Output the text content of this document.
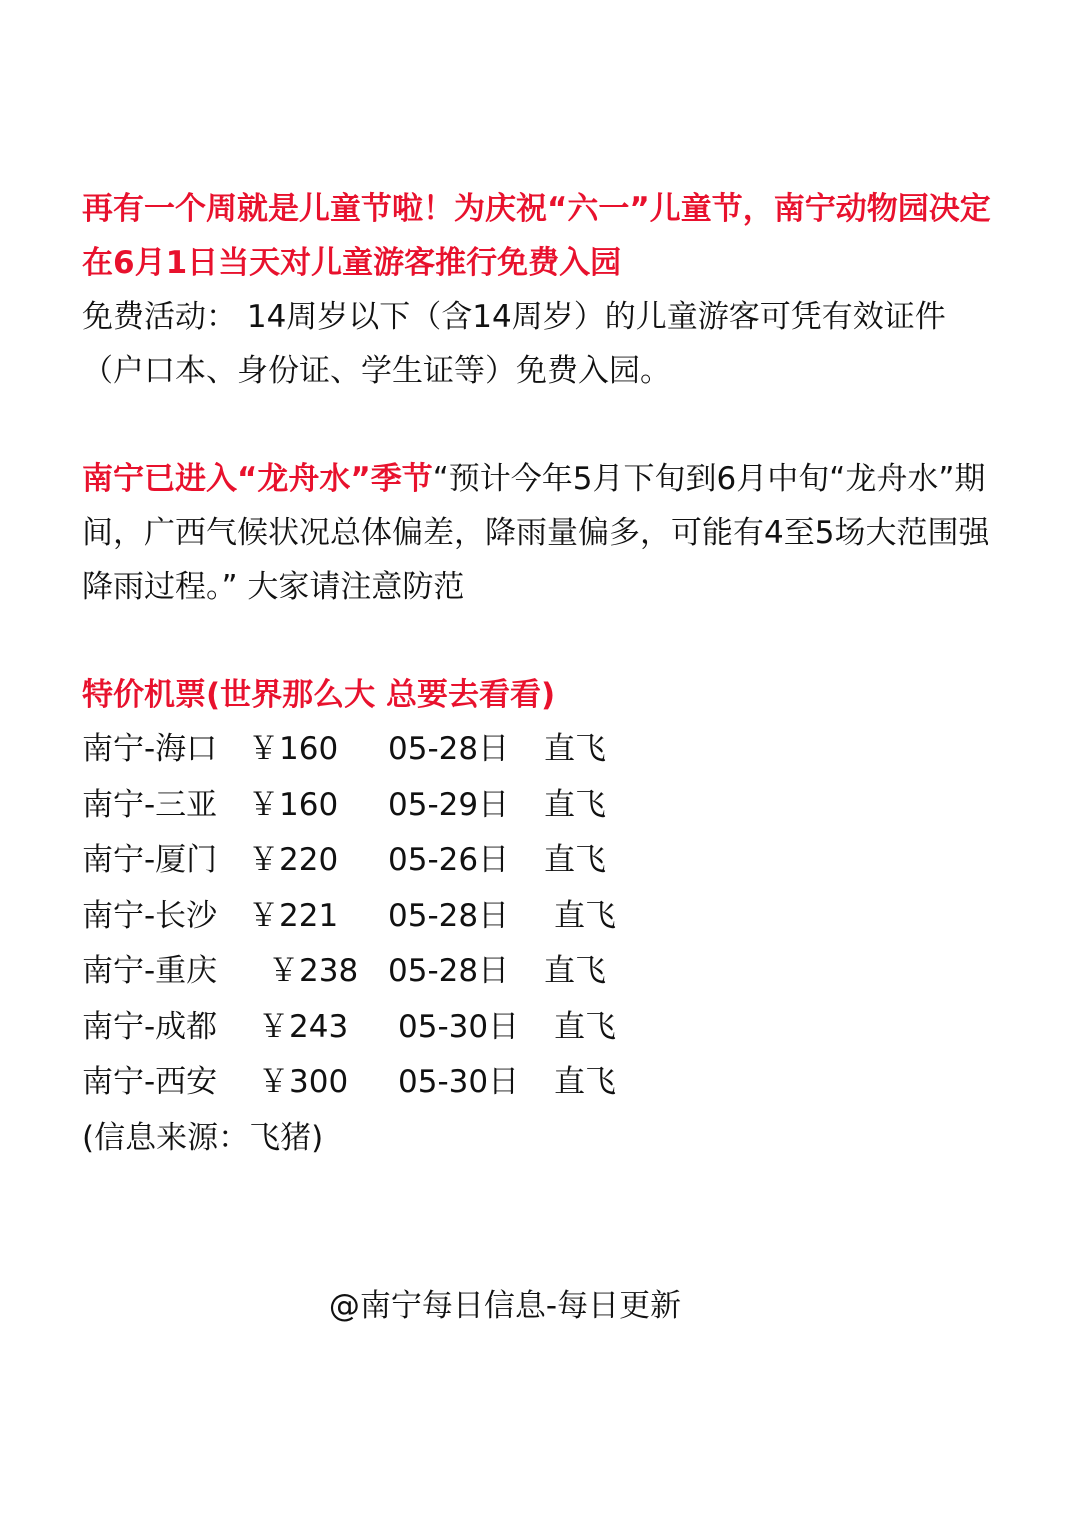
再有一个周就是儿童节啦！为庆祝“六一”儿童节，南宁动物园决定在6月1日当天对儿童游客推行免费入园
免费活动： 14周岁以下（含14周岁）的儿童游客可凭有效证件（户口本、身份证、学生证等）免费入园。

南宁已进入“龙舟水”季节“预计今年5月下旬到6月中旬“龙舟水”期间，广西气候状况总体偏差，降雨量偏多，可能有4至5场大范围强降雨过程。” 大家请注意防范

特价机票(世界那么大 总要去看看)

南宁-海口 ￥160	05-28日	直飞
南宁-三亚 ￥160	05-29日	直飞
南宁-厦门 ￥220	05-26日	直飞
南宁-长沙 ￥221	05-28日	直飞
南宁-重庆	￥238 05-28日	直飞
南宁-成都	￥243	05-30日	直飞
南宁-西安	￥300	05-30日	直飞

(信息来源：飞猪)

@南宁每日信息-每日更新
